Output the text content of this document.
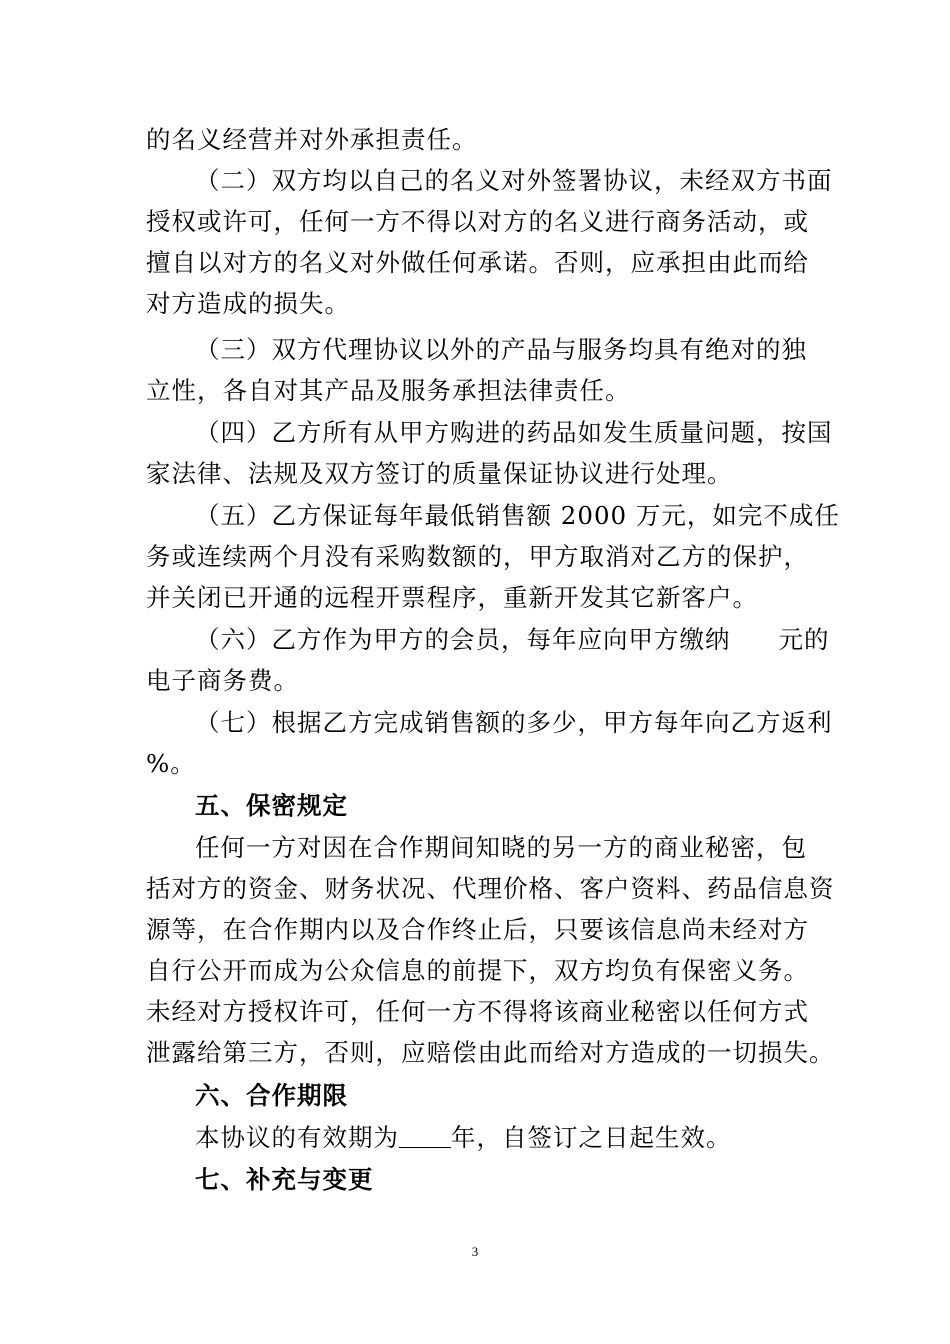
的名义经营并对外承担责任。
（二）双方均以自己的名义对外签署协议，未经双方书面
授权或许可，任何一方不得以对方的名义进行商务活动，或
擅自以对方的名义对外做任何承诺。否则，应承担由此而给
对方造成的损失。
（三）双方代理协议以外的产品与服务均具有绝对的独
立性，各自对其产品及服务承担法律责任。
（四）乙方所有从甲方购进的药品如发生质量问题，按国
家法律、法规及双方签订的质量保证协议进行处理。
（五）乙方保证每年最低销售额 2000 万元，如完不成任
务或连续两个月没有采购数额的，甲方取消对乙方的保护，
并关闭已开通的远程开票程序，重新开发其它新客户。
（六）乙方作为甲方的会员，每年应向甲方缴纳 元的
电子商务费。
（七）根据乙方完成销售额的多少，甲方每年向乙方返利
%。
五、保密规定
任何一方对因在合作期间知晓的另一方的商业秘密，包
括对方的资金、财务状况、代理价格、客户资料、药品信息资
源等，在合作期内以及合作终止后，只要该信息尚未经对方
自行公开而成为公众信息的前提下，双方均负有保密义务。
未经对方授权许可，任何一方不得将该商业秘密以任何方式
泄露给第三方，否则，应赔偿由此而给对方造成的一切损失。
六、合作期限
本协议的有效期为 年，自签订之日起生效。
七、补充与变更
3
